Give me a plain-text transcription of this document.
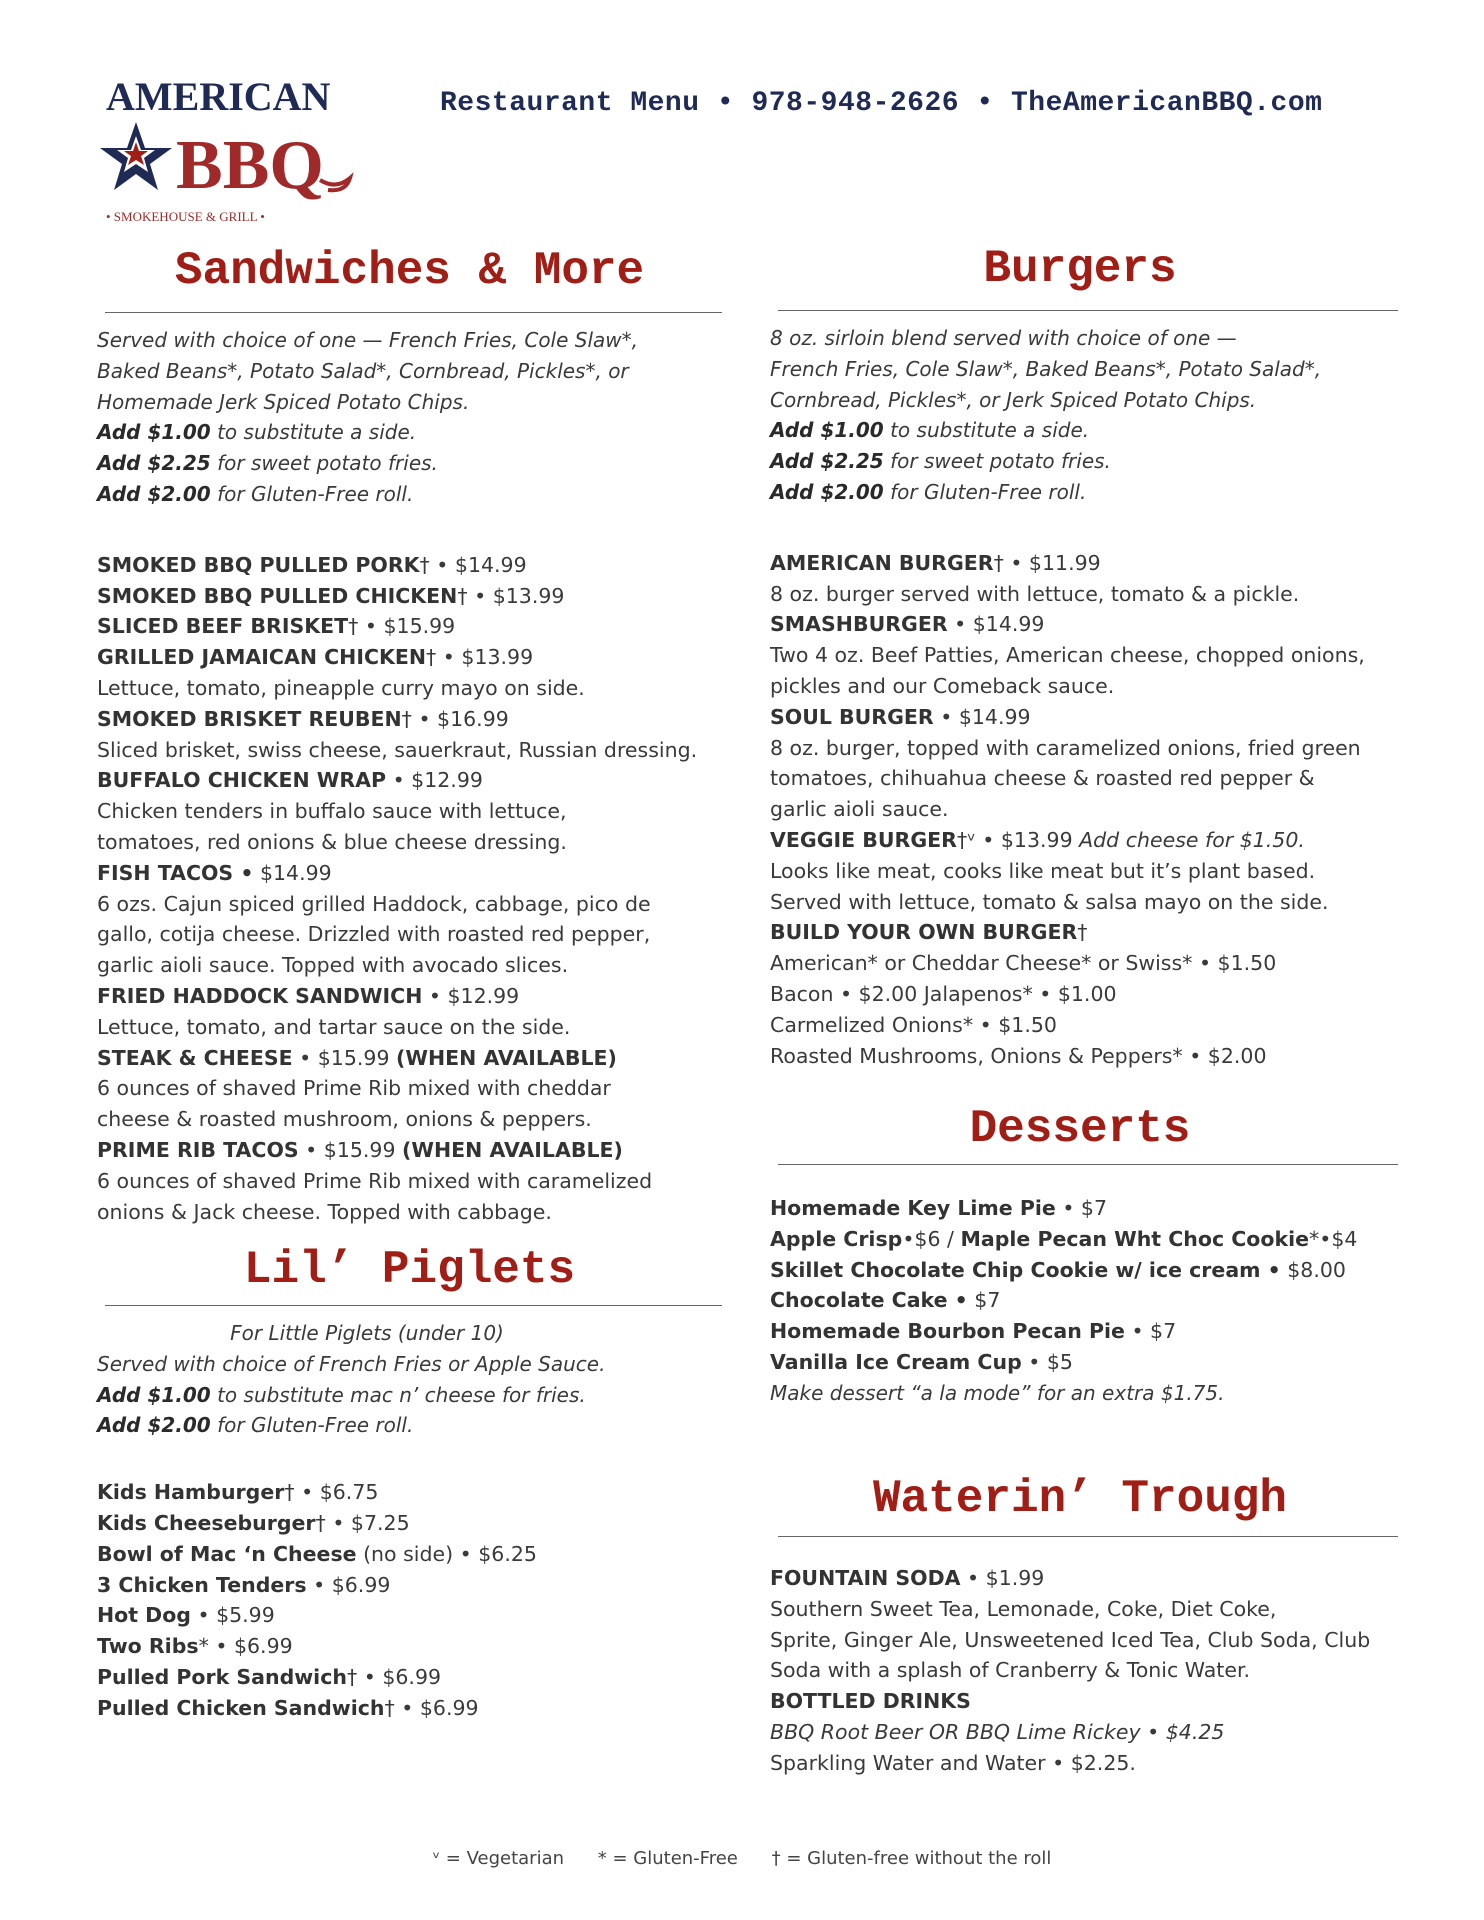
AMERICAN
BBQ
• SMOKEHOUSE & GRILL •
Restaurant Menu • 978-948-2626 • TheAmericanBBQ.com
Sandwiches & More
Served with choice of one — French Fries, Cole Slaw*,
Baked Beans*, Potato Salad*, Cornbread, Pickles*, or
Homemade Jerk Spiced Potato Chips.
Add $1.00 to substitute a side.
Add $2.25 for sweet potato fries.
Add $2.00 for Gluten-Free roll.
SMOKED BBQ PULLED PORK† • $14.99
SMOKED BBQ PULLED CHICKEN† • $13.99
SLICED BEEF BRISKET† • $15.99
GRILLED JAMAICAN CHICKEN† • $13.99
Lettuce, tomato, pineapple curry mayo on side.
SMOKED BRISKET REUBEN† • $16.99
Sliced brisket, swiss cheese, sauerkraut, Russian dressing.
BUFFALO CHICKEN WRAP • $12.99
Chicken tenders in buffalo sauce with lettuce,
tomatoes, red onions & blue cheese dressing.
FISH TACOS • $14.99
6 ozs. Cajun spiced grilled Haddock, cabbage, pico de
gallo, cotija cheese. Drizzled with roasted red pepper,
garlic aioli sauce. Topped with avocado slices.
FRIED HADDOCK SANDWICH • $12.99
Lettuce, tomato, and tartar sauce on the side.
STEAK & CHEESE • $15.99 (WHEN AVAILABLE)
6 ounces of shaved Prime Rib mixed with cheddar
cheese & roasted mushroom, onions & peppers.
PRIME RIB TACOS • $15.99 (WHEN AVAILABLE)
6 ounces of shaved Prime Rib mixed with caramelized
onions & Jack cheese. Topped with cabbage.
Lil’ Piglets
For Little Piglets (under 10)
Served with choice of French Fries or Apple Sauce.
Add $1.00 to substitute mac n’ cheese for fries.
Add $2.00 for Gluten-Free roll.
Kids Hamburger† • $6.75
Kids Cheeseburger† • $7.25
Bowl of Mac ‘n Cheese (no side) • $6.25
3 Chicken Tenders • $6.99
Hot Dog • $5.99
Two Ribs* • $6.99
Pulled Pork Sandwich† • $6.99
Pulled Chicken Sandwich† • $6.99
Burgers
8 oz. sirloin blend served with choice of one —
French Fries, Cole Slaw*, Baked Beans*, Potato Salad*,
Cornbread, Pickles*, or Jerk Spiced Potato Chips.
Add $1.00 to substitute a side.
Add $2.25 for sweet potato fries.
Add $2.00 for Gluten-Free roll.
AMERICAN BURGER† • $11.99
8 oz. burger served with lettuce, tomato & a pickle.
SMASHBURGER • $14.99
Two 4 oz. Beef Patties, American cheese, chopped onions,
pickles and our Comeback sauce.
SOUL BURGER • $14.99
8 oz. burger, topped with caramelized onions, fried green
tomatoes, chihuahua cheese & roasted red pepper &
garlic aioli sauce.
VEGGIE BURGER†ᵛ • $13.99 Add cheese for $1.50.
Looks like meat, cooks like meat but it’s plant based.
Served with lettuce, tomato & salsa mayo on the side.
BUILD YOUR OWN BURGER†
American* or Cheddar Cheese* or Swiss* • $1.50
Bacon • $2.00 Jalapenos* • $1.00
Carmelized Onions* • $1.50
Roasted Mushrooms, Onions & Peppers* • $2.00
Desserts
Homemade Key Lime Pie • $7
Apple Crisp•$6 / Maple Pecan Wht Choc Cookie*•$4
Skillet Chocolate Chip Cookie w/ ice cream • $8.00
Chocolate Cake • $7
Homemade Bourbon Pecan Pie • $7
Vanilla Ice Cream Cup • $5
Make dessert “a la mode” for an extra $1.75.
Waterin’ Trough
FOUNTAIN SODA • $1.99
Southern Sweet Tea, Lemonade, Coke, Diet Coke,
Sprite, Ginger Ale, Unsweetened Iced Tea, Club Soda, Club
Soda with a splash of Cranberry & Tonic Water.
BOTTLED DRINKS
BBQ Root Beer OR BBQ Lime Rickey • $4.25
Sparkling Water and Water • $2.25.
ᵛ = Vegetarian * = Gluten-Free † = Gluten-free without the roll
